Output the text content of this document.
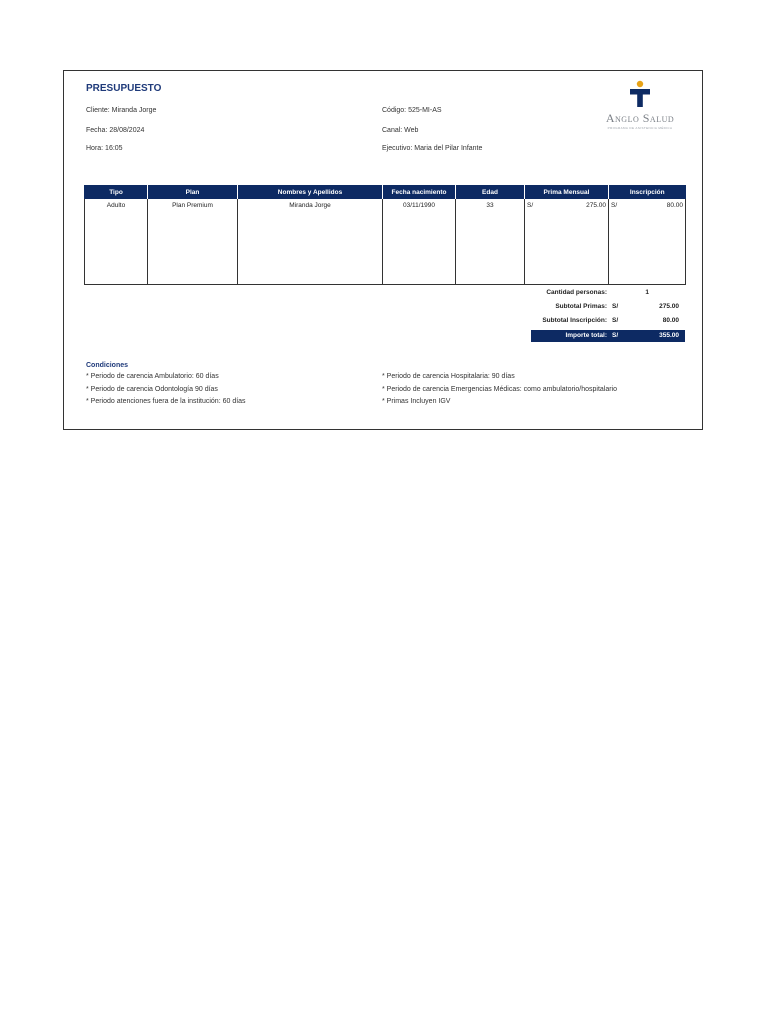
PRESUPUESTO
Cliente: Miranda Jorge
Fecha: 28/08/2024
Hora: 16:05
Código: 525-MI-AS
Canal: Web
Ejecutivo: Maria del Pilar Infante
Anglo Salud
PROGRAMA DE ASISTENCIA MÉDICA
Tipo	Plan	Nombres y Apellidos	Fecha nacimiento	Edad	Prima Mensual	Inscripción
Adulto	Plan Premium	Miranda Jorge	03/11/1990	33	S/ 275.00	S/ 80.00
Cantidad personas:	1
Subtotal Primas: S/	275.00
Subtotal Inscripción: S/	80.00
Importe total: S/	355.00
Condiciones
* Periodo de carencia Ambulatorio: 60 días
* Periodo de carencia Odontología 90 días
* Periodo atenciones fuera de la institución: 60 días
* Periodo de carencia Hospitalaria: 90 días
* Periodo de carencia Emergencias Médicas: como ambulatorio/hospitalario
* Primas Incluyen IGV
